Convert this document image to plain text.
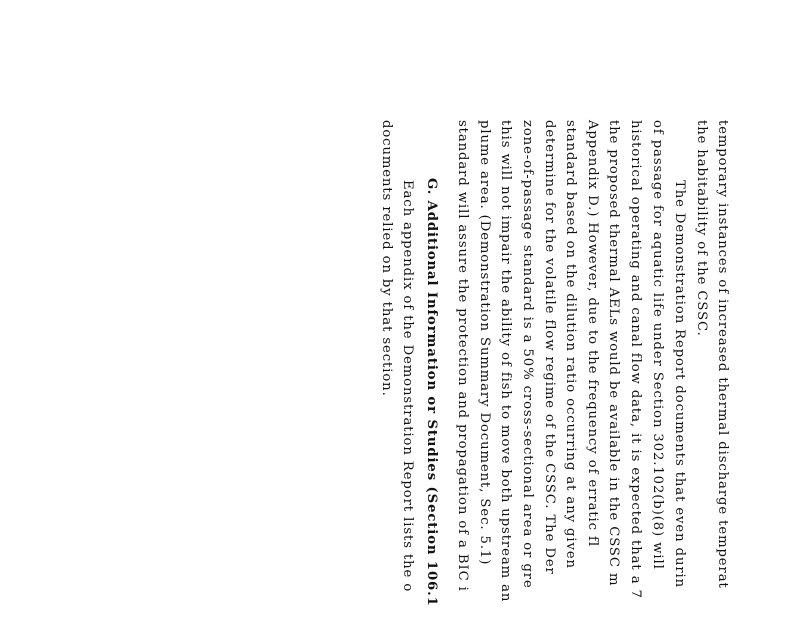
temporary instances of increased thermal discharge temperat
the habitability of the CSSC.
The Demonstration Report documents that even durin
of passage for aquatic life under Section 302.102(b)(8) will
historical operating and canal flow data, it is expected that a 7
the proposed thermal AELs would be available in the CSSC m
Appendix D.) However, due to the frequency of erratic fl
standard based on the dilution ratio occurring at any given
determine for the volatile flow regime of the CSSC. The Der
zone-of-passage standard is a 50% cross-sectional area or gre
this will not impair the ability of fish to move both upstream an
plume area. (Demonstration Summary Document, Sec. 5.1)
standard will assure the protection and propagation of a BIC i
G. Additional Information or Studies (Section 106.1
Each appendix of the Demonstration Report lists the o
documents relied on by that section.
